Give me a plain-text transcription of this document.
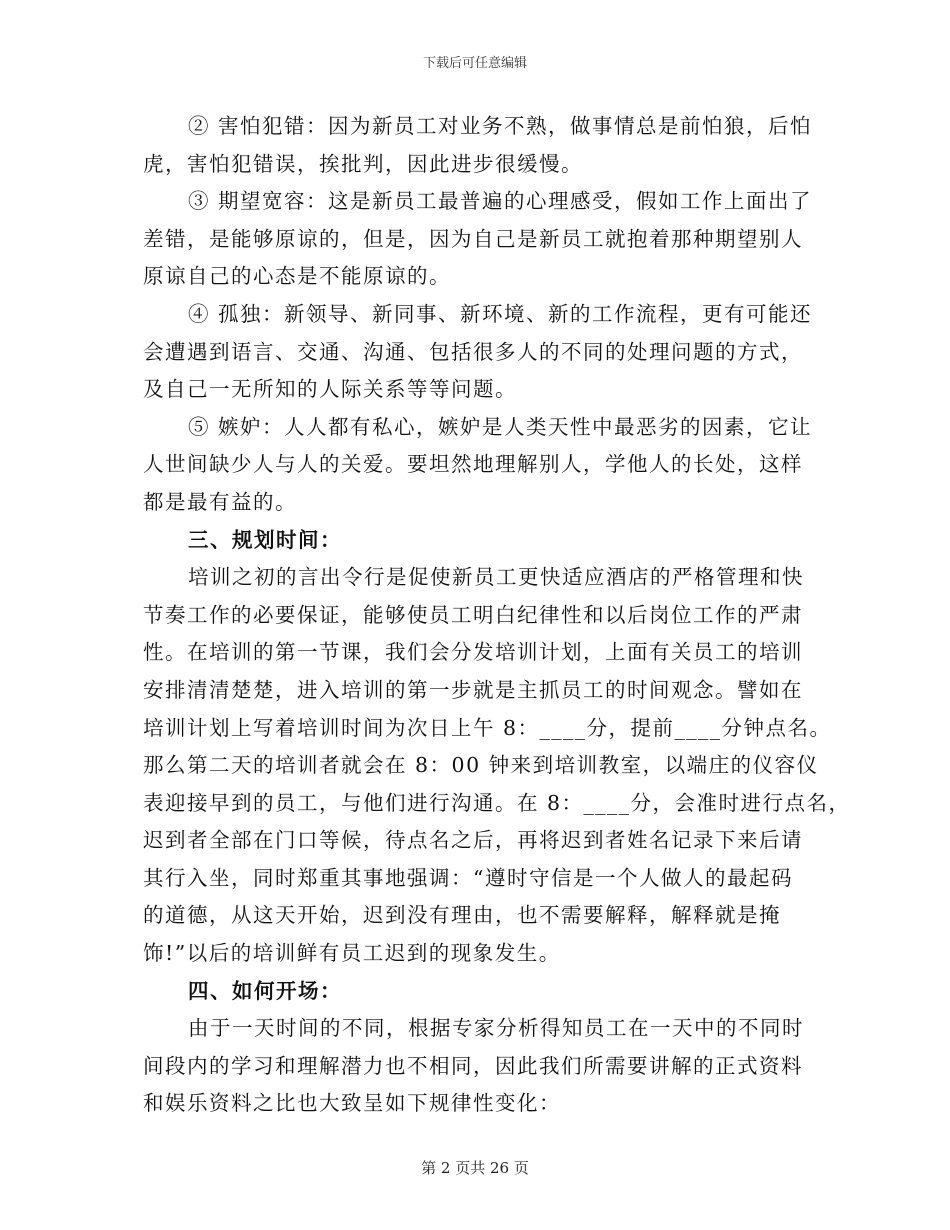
下载后可任意编辑
② 害怕犯错：因为新员工对业务不熟，做事情总是前怕狼，后怕
虎，害怕犯错误，挨批判，因此进步很缓慢。
③ 期望宽容：这是新员工最普遍的心理感受，假如工作上面出了
差错，是能够原谅的，但是，因为自己是新员工就抱着那种期望别人
原谅自己的心态是不能原谅的。
④ 孤独：新领导、新同事、新环境、新的工作流程，更有可能还
会遭遇到语言、交通、沟通、包括很多人的不同的处理问题的方式，
及自己一无所知的人际关系等等问题。
⑤ 嫉妒：人人都有私心，嫉妒是人类天性中最恶劣的因素，它让
人世间缺少人与人的关爱。要坦然地理解别人，学他人的长处，这样
都是最有益的。
三、规划时间：
培训之初的言出令行是促使新员工更快适应酒店的严格管理和快
节奏工作的必要保证，能够使员工明白纪律性和以后岗位工作的严肃
性。在培训的第一节课，我们会分发培训计划，上面有关员工的培训
安排清清楚楚，进入培训的第一步就是主抓员工的时间观念。譬如在
培训计划上写着培训时间为次日上午 8：____分，提前____分钟点名。
那么第二天的培训者就会在 8：00 钟来到培训教室，以端庄的仪容仪
表迎接早到的员工，与他们进行沟通。在 8：____分，会准时进行点名，
迟到者全部在门口等候，待点名之后，再将迟到者姓名记录下来后请
其行入坐，同时郑重其事地强调：“遵时守信是一个人做人的最起码
的道德，从这天开始，迟到没有理由，也不需要解释，解释就是掩
饰!”以后的培训鲜有员工迟到的现象发生。
四、如何开场：
由于一天时间的不同，根据专家分析得知员工在一天中的不同时
间段内的学习和理解潜力也不相同，因此我们所需要讲解的正式资料
和娱乐资料之比也大致呈如下规律性变化：
第 2 页共 26 页
